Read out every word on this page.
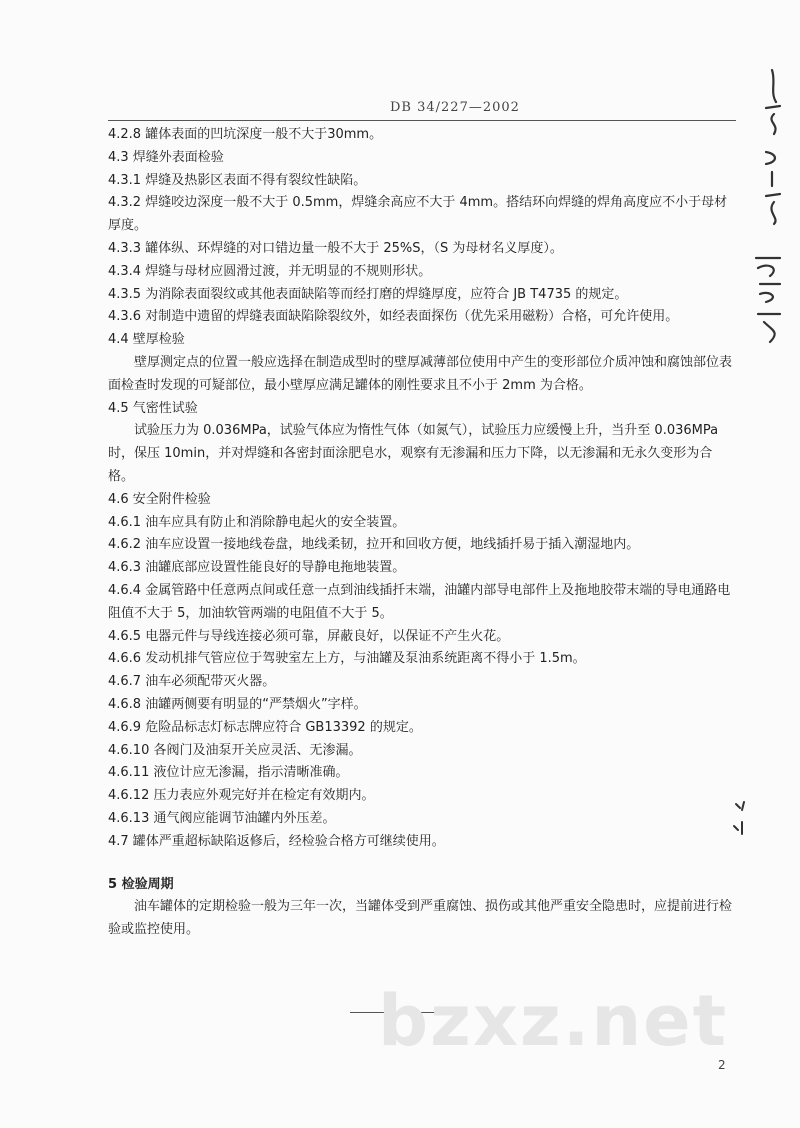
DB 34/227—2002
4.2.8 罐体表面的凹坑深度一般不大于30mm。
4.3 焊缝外表面检验
4.3.1 焊缝及热影区表面不得有裂纹性缺陷。
4.3.2 焊缝咬边深度一般不大于 0.5mm，焊缝余高应不大于 4mm。搭结环向焊缝的焊角高度应不小于母材厚度。
4.3.3 罐体纵、环焊缝的对口错边量一般不大于 25%S，（S 为母材名义厚度）。
4.3.4 焊缝与母材应圆滑过渡，并无明显的不规则形状。
4.3.5 为消除表面裂纹或其他表面缺陷等而经打磨的焊缝厚度，应符合 JB T4735 的规定。
4.3.6 对制造中遗留的焊缝表面缺陷除裂纹外，如经表面探伤（优先采用磁粉）合格，可允许使用。
4.4 壁厚检验
壁厚测定点的位置一般应选择在制造成型时的壁厚减薄部位使用中产生的变形部位介质冲蚀和腐蚀部位表面检查时发现的可疑部位，最小壁厚应满足罐体的刚性要求且不小于 2mm 为合格。
4.5 气密性试验
试验压力为 0.036MPa，试验气体应为惰性气体（如氮气），试验压力应缓慢上升，当升至 0.036MPa 时，保压 10min，并对焊缝和各密封面涂肥皂水，观察有无渗漏和压力下降，以无渗漏和无永久变形为合格。
4.6 安全附件检验
4.6.1 油车应具有防止和消除静电起火的安全装置。
4.6.2 油车应设置一接地线卷盘，地线柔韧，拉开和回收方便，地线插扦易于插入潮湿地内。
4.6.3 油罐底部应设置性能良好的导静电拖地装置。
4.6.4 金属管路中任意两点间或任意一点到油线插扦末端，油罐内部导电部件上及拖地胶带末端的导电通路电阻值不大于 5，加油软管两端的电阻值不大于 5。
4.6.5 电器元件与导线连接必须可靠，屏蔽良好，以保证不产生火花。
4.6.6 发动机排气管应位于驾驶室左上方，与油罐及泵油系统距离不得小于 1.5m。
4.6.7 油车必须配带灭火器。
4.6.8 油罐两侧要有明显的“严禁烟火”字样。
4.6.9 危险品标志灯标志牌应符合 GB13392 的规定。
4.6.10 各阀门及油泵开关应灵活、无渗漏。
4.6.11 液位计应无渗漏，指示清晰准确。
4.6.12 压力表应外观完好并在检定有效期内。
4.6.13 通气阀应能调节油罐内外压差。
4.7 罐体严重超标缺陷返修后，经检验合格方可继续使用。
5 检验周期
油车罐体的定期检验一般为三年一次，当罐体受到严重腐蚀、损伤或其他严重安全隐患时，应提前进行检验或监控使用。
2
bzxz.net
